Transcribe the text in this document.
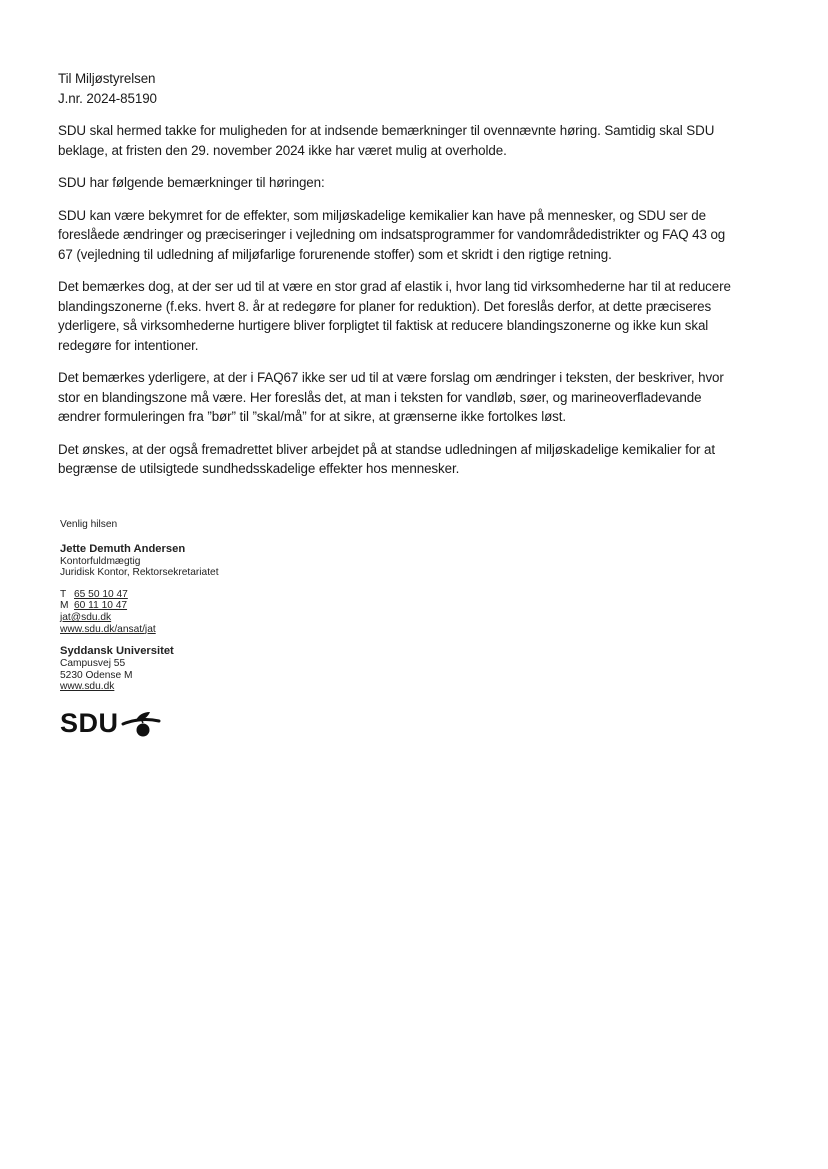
Til Miljøstyrelsen
J.nr. 2024-85190

SDU skal hermed takke for muligheden for at indsende bemærkninger til ovennævnte høring. Samtidig skal SDU
beklage, at fristen den 29. november 2024 ikke har været mulig at overholde.

SDU har følgende bemærkninger til høringen:

SDU kan være bekymret for de effekter, som miljøskadelige kemikalier kan have på mennesker, og SDU ser de
foreslåede ændringer og præciseringer i vejledning om indsatsprogrammer for vandområdedistrikter og FAQ 43 og
67 (vejledning til udledning af miljøfarlige forurenende stoffer) som et skridt i den rigtige retning.

Det bemærkes dog, at der ser ud til at være en stor grad af elastik i, hvor lang tid virksomhederne har til at reducere
blandingszonerne (f.eks. hvert 8. år at redegøre for planer for reduktion). Det foreslås derfor, at dette præciseres
yderligere, så virksomhederne hurtigere bliver forpligtet til faktisk at reducere blandingszonerne og ikke kun skal
redegøre for intentioner.

Det bemærkes yderligere, at der i FAQ67 ikke ser ud til at være forslag om ændringer i teksten, der beskriver, hvor
stor en blandingszone må være. Her foreslås det, at man i teksten for vandløb, søer, og marineoverfladevande
ændrer formuleringen fra ”bør” til ”skal/må” for at sikre, at grænserne ikke fortolkes løst.

Det ønskes, at der også fremadrettet bliver arbejdet på at standse udledningen af miljøskadelige kemikalier for at
begrænse de utilsigtede sundhedsskadelige effekter hos mennesker.

Venlig hilsen
Jette Demuth Andersen
Kontorfuldmægtig
Juridisk Kontor, Rektorsekretariatet
T 65 50 10 47
M 60 11 10 47
jat@sdu.dk
www.sdu.dk/ansat/jat
Syddansk Universitet
Campusvej 55
5230 Odense M
www.sdu.dk
SDU
